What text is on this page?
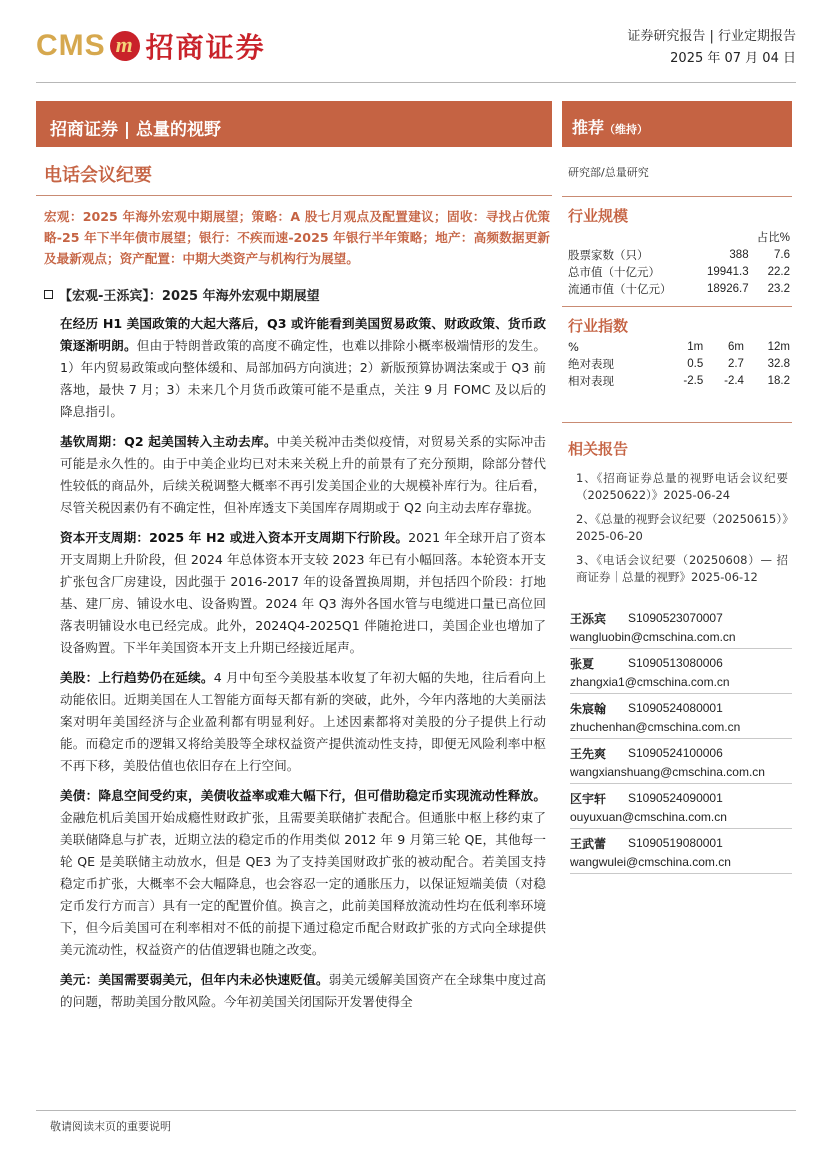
CMS m 招商证券	证券研究报告 | 行业定期报告
2025 年 07 月 04 日
招商证券 | 总量的视野	推荐（维持）
电话会议纪要
宏观：2025 年海外宏观中期展望；策略：A 股七月观点及配置建议；固收：寻找占优策略-25 年下半年债市展望；银行：不疾而速-2025 年银行半年策略；地产：高频数据更新及最新观点；资产配置：中期大类资产与机构行为展望。
【宏观-王泺宾】：2025 年海外宏观中期展望

在经历 H1 美国政策的大起大落后，Q3 或许能看到美国贸易政策、财政政策、货币政策逐渐明朗。但由于特朗普政策的高度不确定性，也难以排除小概率极端情形的发生。1）年内贸易政策或向整体缓和、局部加码方向演进；2）新版预算协调法案或于 Q3 前落地，最快 7 月；3）未来几个月货币政策可能不是重点，关注 9 月 FOMC 及以后的降息指引。

基钦周期：Q2 起美国转入主动去库。中美关税冲击类似疫情，对贸易关系的实际冲击可能是永久性的。由于中美企业均已对未来关税上升的前景有了充分预期，除部分替代性较低的商品外，后续关税调整大概率不再引发美国企业的大规模补库行为。往后看，尽管关税因素仍有不确定性，但补库透支下美国库存周期或于 Q2 向主动去库存靠拢。

资本开支周期：2025 年 H2 或进入资本开支周期下行阶段。2021 年全球开启了资本开支周期上升阶段，但 2024 年总体资本开支较 2023 年已有小幅回落。本轮资本开支扩张包含厂房建设，因此强于 2016-2017 年的设备置换周期，并包括四个阶段：打地基、建厂房、铺设水电、设备购置。2024 年 Q3 海外各国水管与电缆进口量已高位回落表明铺设水电已经完成。此外，2024Q4-2025Q1 伴随抢进口，美国企业也增加了设备购置。下半年美国资本开支上升期已经接近尾声。

美股：上行趋势仍在延续。4 月中旬至今美股基本收复了年初大幅的失地，往后看向上动能依旧。近期美国在人工智能方面每天都有新的突破，此外，今年内落地的大美丽法案对明年美国经济与企业盈利都有明显利好。上述因素都将对美股的分子提供上行动能。而稳定币的逻辑又将给美股等全球权益资产提供流动性支持，即便无风险利率中枢不再下移，美股估值也依旧存在上行空间。

美债：降息空间受约束，美债收益率或难大幅下行，但可借助稳定币实现流动性释放。金融危机后美国开始成瘾性财政扩张，且需要美联储扩表配合。但通胀中枢上移约束了美联储降息与扩表，近期立法的稳定币的作用类似 2012 年 9 月第三轮 QE，其他每一轮 QE 是美联储主动放水，但是 QE3 为了支持美国财政扩张的被动配合。若美国支持稳定币扩张，大概率不会大幅降息，也会容忍一定的通胀压力，以保证短端美债（对稳定币发行方而言）具有一定的配置价值。换言之，此前美国释放流动性均在低利率环境下，但今后美国可在利率相对不低的前提下通过稳定币配合财政扩张的方式向全球提供美元流动性，权益资产的估值逻辑也随之改变。

美元：美国需要弱美元，但年内未必快速贬值。弱美元缓解美国资产在全球集中度过高的问题，帮助美国分散风险。今年初美国关闭国际开发署使得全

研究部/总量研究
行业规模
		占比%
股票家数（只）	388	7.6
总市值（十亿元）	19941.3	22.2
流通市值（十亿元）	18926.7	23.2
行业指数
%	1m	6m	12m
绝对表现	0.5	2.7	32.8
相对表现	-2.5	-2.4	18.2
相关报告
1、《招商证券总量的视野电话会议纪要（20250622）》2025-06-24
2、《总量的视野会议纪要（20250615）》2025-06-20
3、《电话会议纪要（20250608）— 招商证券｜总量的视野》2025-06-12
王泺宾	S1090523070007
wangluobin@cmschina.com.cn
张夏	S1090513080006
zhangxia1@cmschina.com.cn
朱宸翰	S1090524080001
zhuchenhan@cmschina.com.cn
王先爽	S1090524100006
wangxianshuang@cmschina.com.cn
区宇轩	S1090524090001
ouyuxuan@cmschina.com.cn
王武蕾	S1090519080001
wangwulei@cmschina.com.cn
敬请阅读末页的重要说明
